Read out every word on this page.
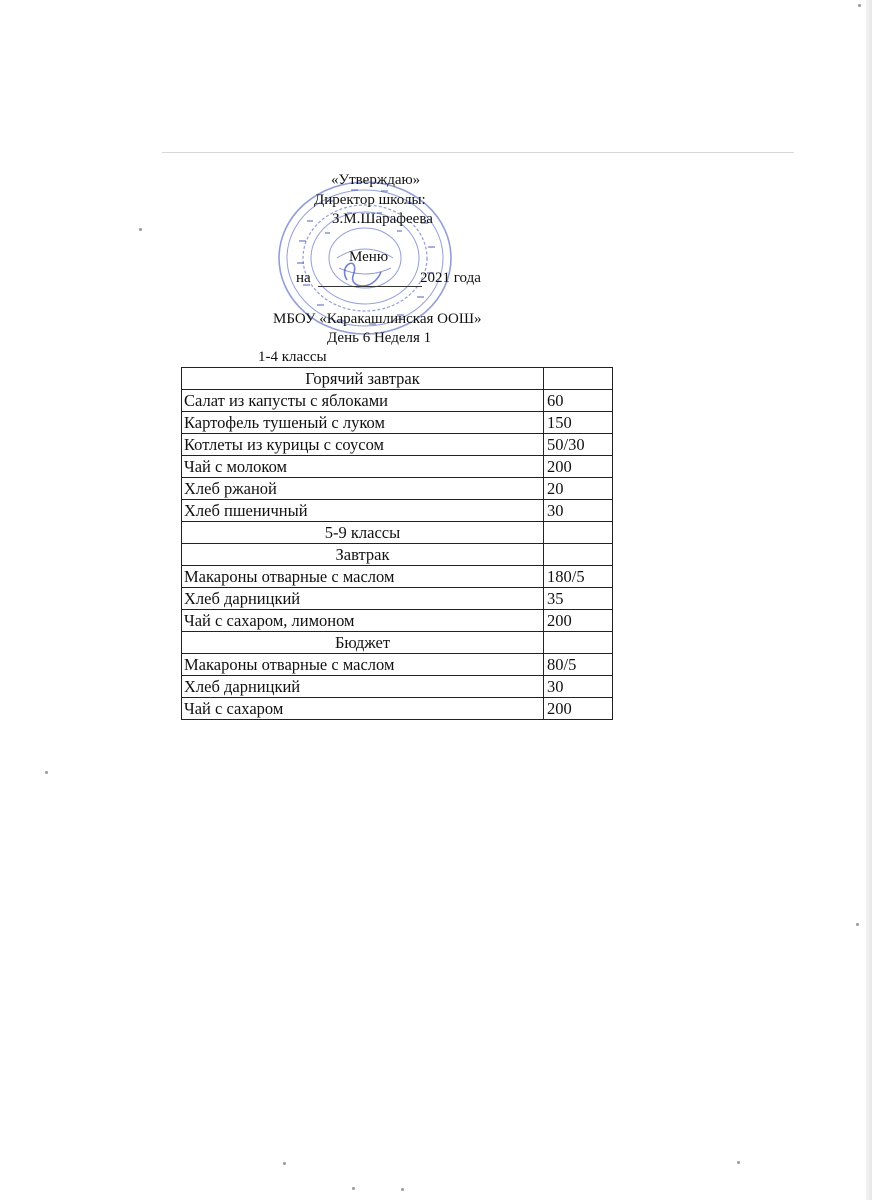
«Утверждаю»
Директор школы:
З.М.Шарафеева
Меню
на	2021 года
МБОУ «Каракашлинская ООШ»
День 6 Неделя 1
1-4 классы
Горячий завтрак	
Салат из капусты с яблоками	60
Картофель тушеный с луком	150
Котлеты из курицы с соусом	50/30
Чай с молоком	200
Хлеб ржаной	20
Хлеб пшеничный	30
5-9 классы	
Завтрак	
Макароны отварные с маслом	180/5
Хлеб дарницкий	35
Чай с сахаром, лимоном	200
Бюджет	
Макароны отварные с маслом	80/5
Хлеб дарницкий	30
Чай с сахаром	200
